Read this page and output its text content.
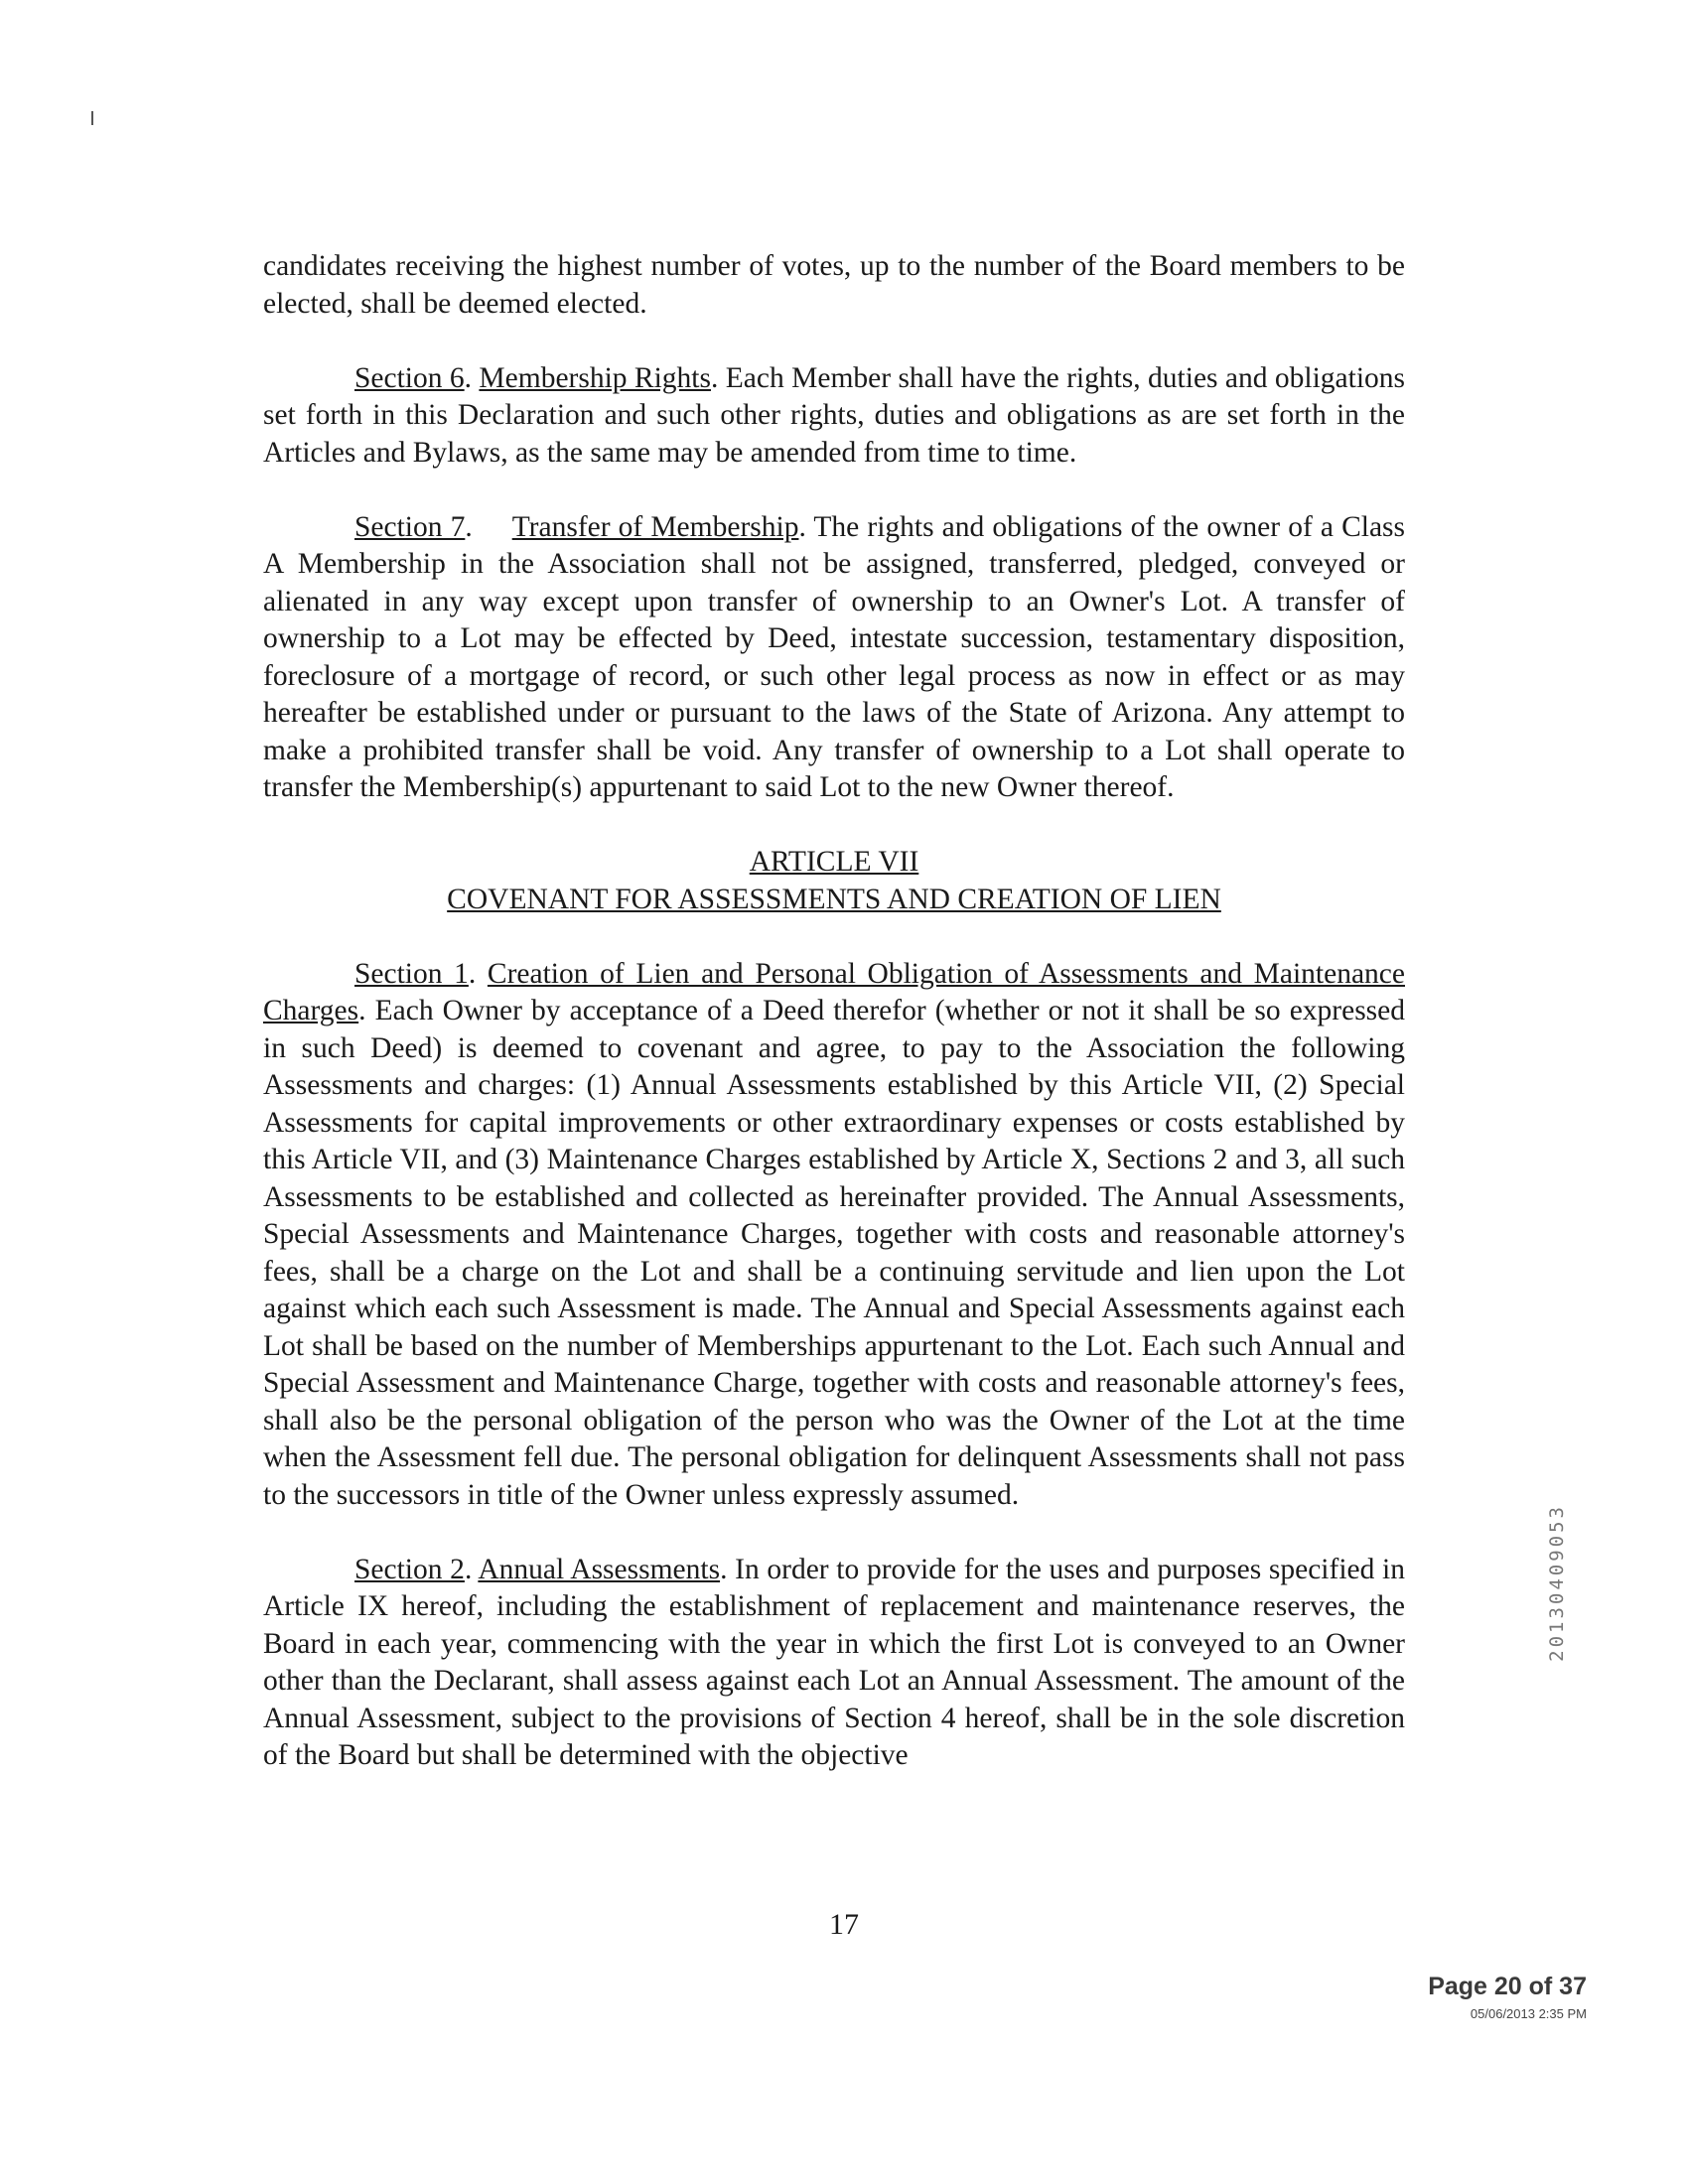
candidates receiving the highest number of votes, up to the number of the Board members to be elected, shall be deemed elected.

Section 6. Membership Rights. Each Member shall have the rights, duties and obligations set forth in this Declaration and such other rights, duties and obligations as are set forth in the Articles and Bylaws, as the same may be amended from time to time.

Section 7.     Transfer of Membership. The rights and obligations of the owner of a Class A Membership in the Association shall not be assigned, transferred, pledged, conveyed or alienated in any way except upon transfer of ownership to an Owner's Lot. A transfer of ownership to a Lot may be effected by Deed, intestate succession, testamentary disposition, foreclosure of a mortgage of record, or such other legal process as now in effect or as may hereafter be established under or pursuant to the laws of the State of Arizona. Any attempt to make a prohibited transfer shall be void. Any transfer of ownership to a Lot shall operate to transfer the Membership(s) appurtenant to said Lot to the new Owner thereof.

ARTICLE VII
COVENANT FOR ASSESSMENTS AND CREATION OF LIEN

Section 1. Creation of Lien and Personal Obligation of Assessments and Maintenance Charges. Each Owner by acceptance of a Deed therefor (whether or not it shall be so expressed in such Deed) is deemed to covenant and agree, to pay to the Association the following Assessments and charges: (1) Annual Assessments established by this Article VII, (2) Special Assessments for capital improvements or other extraordinary expenses or costs established by this Article VII, and (3) Maintenance Charges established by Article X, Sections 2 and 3, all such Assessments to be established and collected as hereinafter provided. The Annual Assessments, Special Assessments and Maintenance Charges, together with costs and reasonable attorney's fees, shall be a charge on the Lot and shall be a continuing servitude and lien upon the Lot against which each such Assessment is made. The Annual and Special Assessments against each Lot shall be based on the number of Memberships appurtenant to the Lot. Each such Annual and Special Assessment and Maintenance Charge, together with costs and reasonable attorney's fees, shall also be the personal obligation of the person who was the Owner of the Lot at the time when the Assessment fell due. The personal obligation for delinquent Assessments shall not pass to the successors in title of the Owner unless expressly assumed.

Section 2. Annual Assessments. In order to provide for the uses and purposes specified in Article IX hereof, including the establishment of replacement and maintenance reserves, the Board in each year, commencing with the year in which the first Lot is conveyed to an Owner other than the Declarant, shall assess against each Lot an Annual Assessment. The amount of the Annual Assessment, subject to the provisions of Section 4 hereof, shall be in the sole discretion of the Board but shall be determined with the objective

20130409053
17
Page 20 of 37
05/06/2013 2:35 PM
